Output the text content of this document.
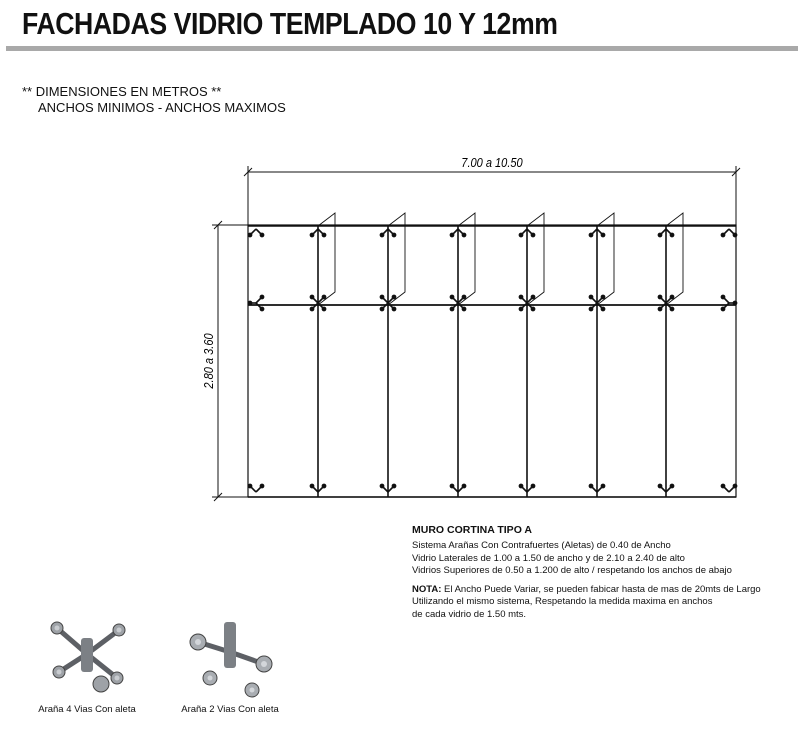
FACHADAS VIDRIO TEMPLADO 10 Y 12mm
** DIMENSIONES EN METROS **
ANCHOS MINIMOS - ANCHOS MAXIMOS
7.00 a 10.50
2.80 a 3.60
MURO CORTINA TIPO A
Sistema Arañas Con Contrafuertes (Aletas) de 0.40 de Ancho
Vidrio Laterales de 1.00 a 1.50 de ancho y de 2.10 a 2.40 de alto
Vidrios Superiores de 0.50 a 1.200 de alto / respetando los anchos de abajo
NOTA: El Ancho Puede Variar, se pueden fabicar hasta de mas de 20mts de Largo
Utilizando el mismo sistema, Respetando la medida maxima en anchos
de cada vidrio de 1.50 mts.
Araña 4 Vias Con aleta	Araña 2 Vias Con aleta
